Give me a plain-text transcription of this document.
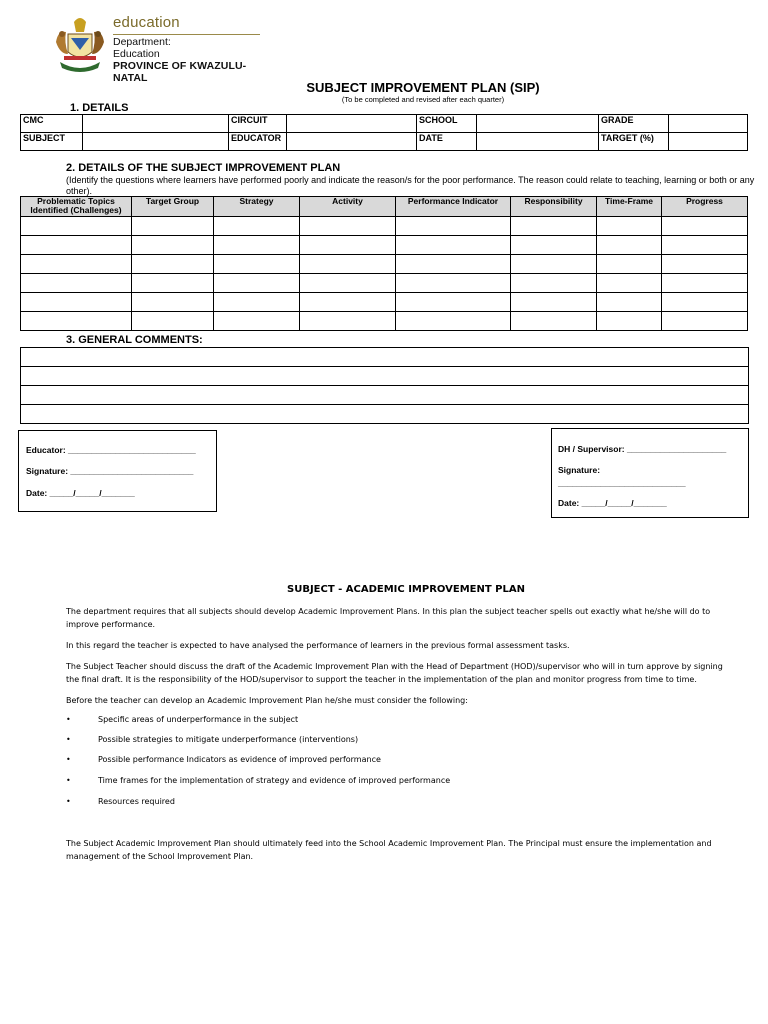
education
Department:
Education
PROVINCE OF KWAZULU-NATAL
SUBJECT IMPROVEMENT PLAN (SIP)
(To be completed and revised after each quarter)
1. DETAILS
CMC		CIRCUIT		SCHOOL		GRADE	
SUBJECT		EDUCATOR		DATE		TARGET (%)	
2. DETAILS OF THE SUBJECT IMPROVEMENT PLAN
(Identify the questions where learners have performed poorly and indicate the reason/s for the poor performance. The reason could relate to teaching, learning or both or any other).
Problematic Topics Identified (Challenges)	Target Group	Strategy	Activity	Performance Indicator	Responsibility	Time-Frame	Progress

3. GENERAL COMMENTS:
Educator: ___________________________
Signature: __________________________
Date: _____/_____/_______
DH / Supervisor: _____________________
Signature:
___________________________
Date: _____/_____/_______
SUBJECT - ACADEMIC IMPROVEMENT PLAN
The department requires that all subjects should develop Academic Improvement Plans. In this plan the subject teacher spells out exactly what he/she will do to improve performance.
In this regard the teacher is expected to have analysed the performance of learners in the previous formal assessment tasks.
The Subject Teacher should discuss the draft of the Academic Improvement Plan with the Head of Department (HOD)/supervisor who will in turn approve by signing the final draft. It is the responsibility of the HOD/supervisor to support the teacher in the implementation of the plan and monitor progress from time to time.
Before the teacher can develop an Academic Improvement Plan he/she must consider the following:
•	Specific areas of underperformance in the subject
•	Possible strategies to mitigate underperformance (interventions)
•	Possible performance Indicators as evidence of improved performance
•	Time frames for the implementation of strategy and evidence of improved performance
•	Resources required
The Subject Academic Improvement Plan should ultimately feed into the School Academic Improvement Plan. The Principal must ensure the implementation and management of the School Improvement Plan.
